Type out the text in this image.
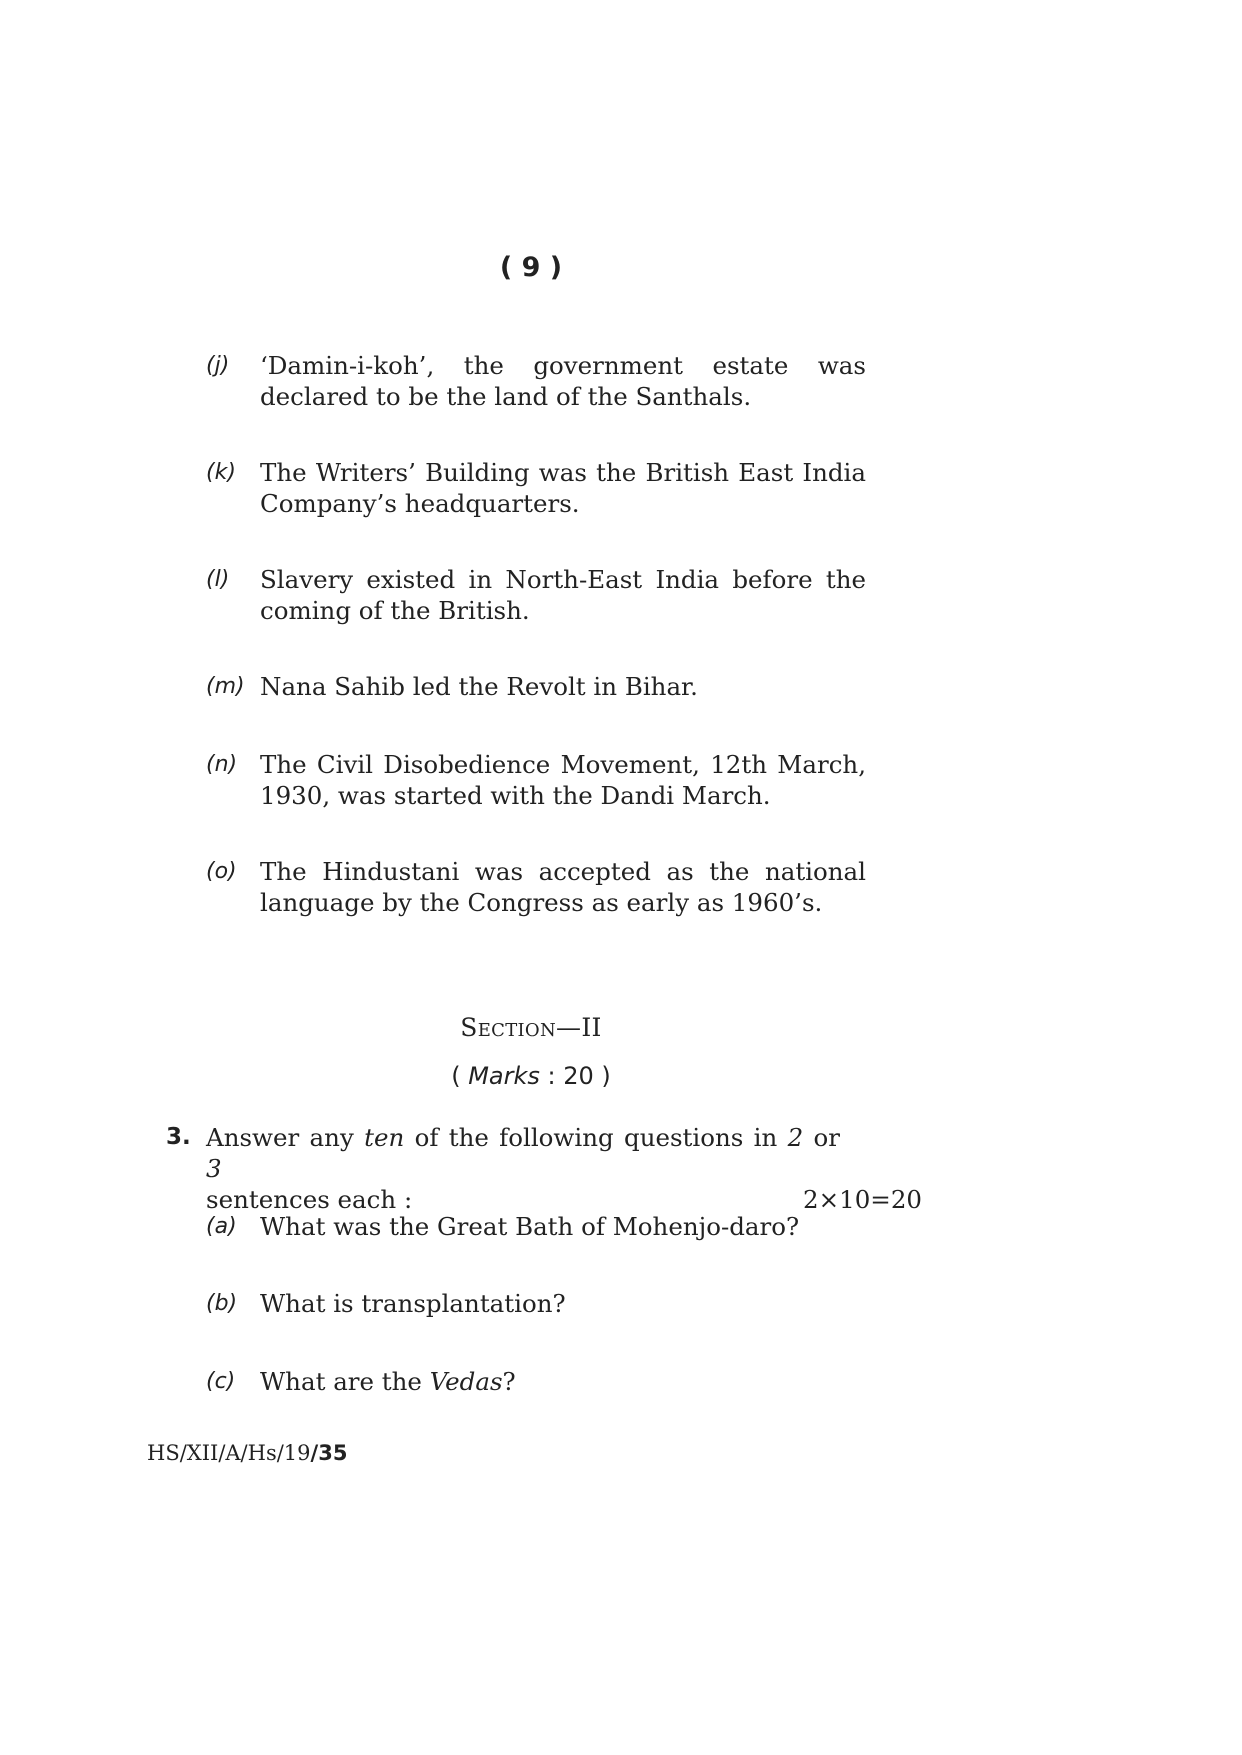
( 9 )
(j) ‘Damin-i-koh’, the government estate was
declared to be the land of the Santhals.
(k) The Writers’ Building was the British East India
Company’s headquarters.
(l) Slavery existed in North-East India before the
coming of the British.
(m) Nana Sahib led the Revolt in Bihar.
(n) The Civil Disobedience Movement, 12th March,
1930, was started with the Dandi March.
(o) The Hindustani was accepted as the national
language by the Congress as early as 1960’s.
Section—II
( Marks : 20 )
3. Answer any ten of the following questions in 2 or 3
sentences each :	2×10=20
(a) What was the Great Bath of Mohenjo-daro?
(b) What is transplantation?
(c) What are the Vedas?
HS/XII/A/Hs/19/35
